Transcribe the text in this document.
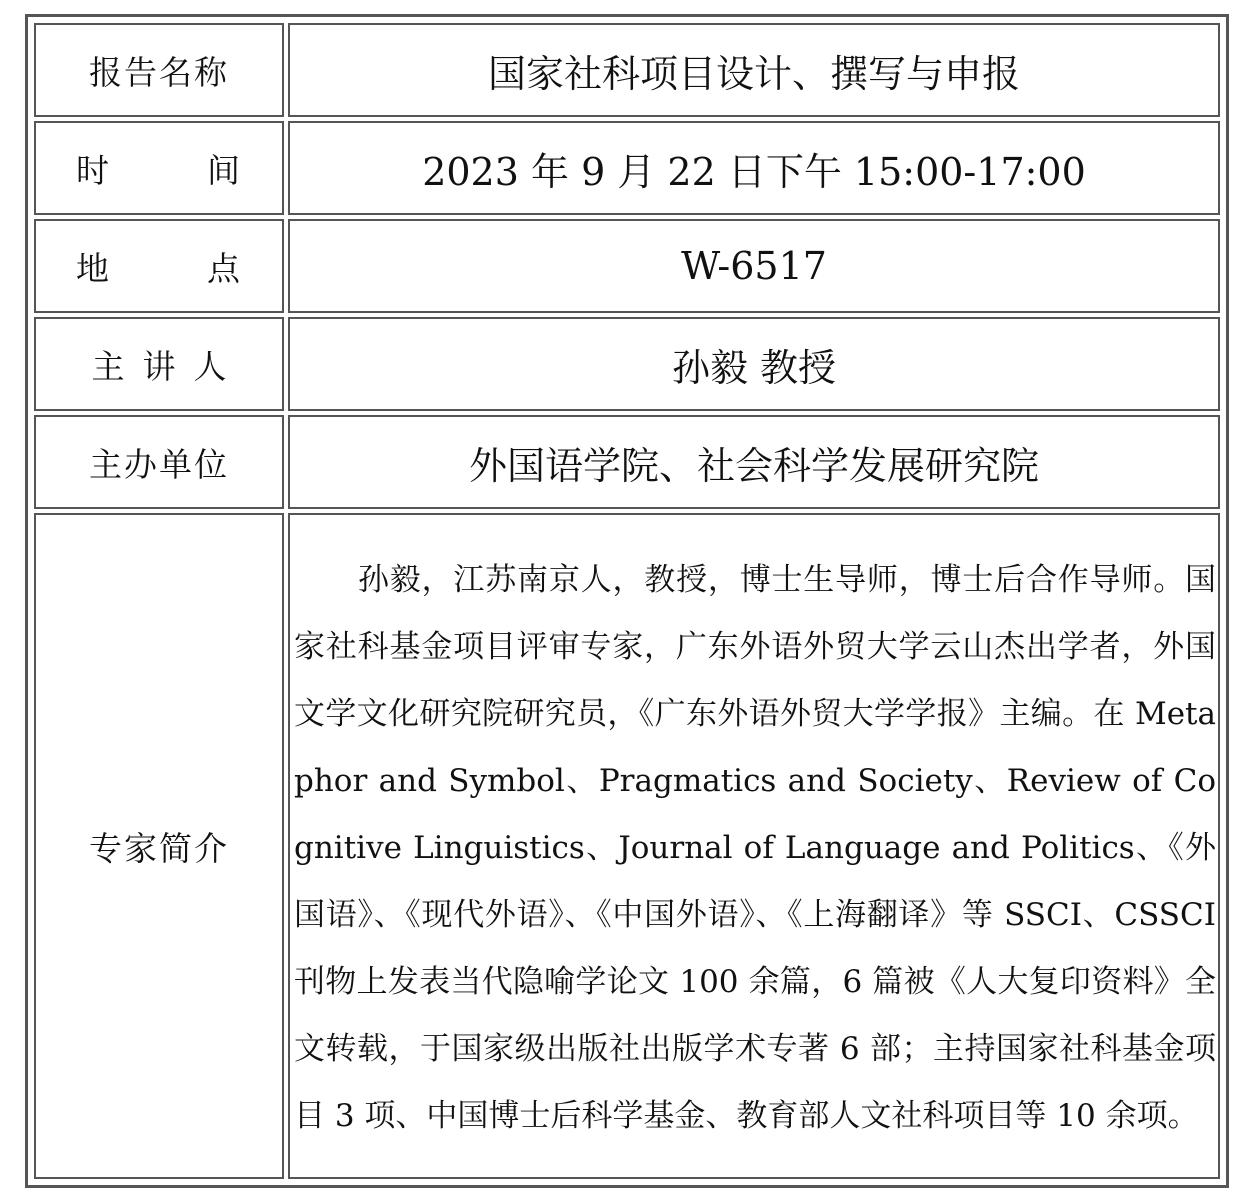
报告名称	国家社科项目设计、撰写与申报
时　　间	2023 年 9 月 22 日下午 15:00-17:00
地　　点	W-6517
主讲人	孙毅 教授
主办单位	外国语学院、社会科学发展研究院
专家简介	孙毅，江苏南京人，教授，博士生导师，博士后合作导师。国家社科基金项目评审专家，广东外语外贸大学云山杰出学者，外国文学文化研究院研究员，《广东外语外贸大学学报》主编。在 Metaphor and Symbol、Pragmatics and Society、Review of Cognitive Linguistics、Journal of Language and Politics、《外国语》、《现代外语》、《中国外语》、《上海翻译》等 SSCI、CSSCI 刊物上发表当代隐喻学论文 100 余篇，6 篇被《人大复印资料》全文转载，于国家级出版社出版学术专著 6 部；主持国家社科基金项目 3 项、中国博士后科学基金、教育部人文社科项目等 10 余项。
